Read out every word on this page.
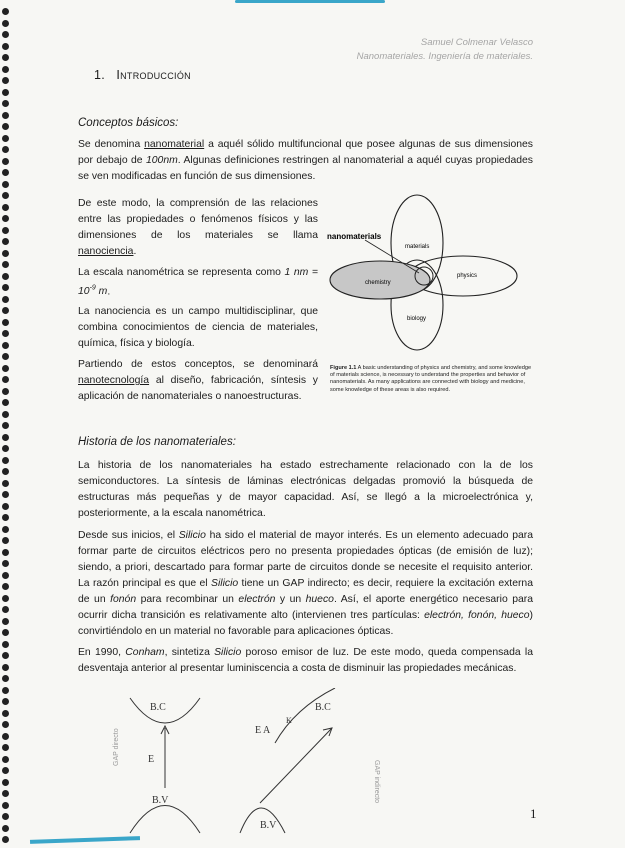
Samuel Colmenar Velasco
Nanomateriales. Ingeniería de materiales.
1. Introducción
Conceptos básicos:
Se denomina nanomaterial a aquél sólido multifuncional que posee algunas de sus dimensiones por debajo de 100nm. Algunas definiciones restringen al nanomaterial a aquél cuyas propiedades se ven modificadas en función de sus dimensiones.
De este modo, la comprensión de las relaciones entre las propiedades o fenómenos físicos y las dimensiones de los materiales se llama nanociencia.
La escala nanométrica se representa como 1 nm = $10^{-9}$ m.
La nanociencia es un campo multidisciplinar, que combina conocimientos de ciencia de materiales, química, física y biología.
Partiendo de estos conceptos, se denominará nanotecnología al diseño, fabricación, síntesis y aplicación de nanomateriales o nanoestructuras.
nanomaterials
materials
physics
chemistry
biology
Figure 1.1 A basic understanding of physics and chemistry, and some knowledge of materials science, is necessary to understand the properties and behavior of nanomaterials. As many applications are connected with biology and medicine, some knowledge of these areas is also required.
Historia de los nanomateriales:
La historia de los nanomateriales ha estado estrechamente relacionado con la de los semiconductores. La síntesis de láminas electrónicas delgadas promovió la búsqueda de estructuras más pequeñas y de mayor capacidad. Así, se llegó a la microelectrónica y, posteriormente, a la escala nanométrica.
Desde sus inicios, el Silicio ha sido el material de mayor interés. Es un elemento adecuado para formar parte de circuitos eléctricos pero no presenta propiedades ópticas (de emisión de luz); siendo, a priori, descartado para formar parte de circuitos donde se necesite el requisito anterior. La razón principal es que el Silicio tiene un GAP indirecto; es decir, requiere la excitación externa de un fonón para recombinar un electrón y un hueco. Así, el aporte energético necesario para ocurrir dicha transición es relativamente alto (intervienen tres partículas: electrón, fonón, hueco) convirtiéndolo en un material no favorable para aplicaciones ópticas.
En 1990, Conham, sintetiza Silicio poroso emisor de luz. De este modo, queda compensada la desventaja anterior al presentar luminiscencia a costa de disminuir las propiedades mecánicas.
B.C
B.V
E
B.C
B.V
E A
K
GAP directo
GAP indirecto
1
